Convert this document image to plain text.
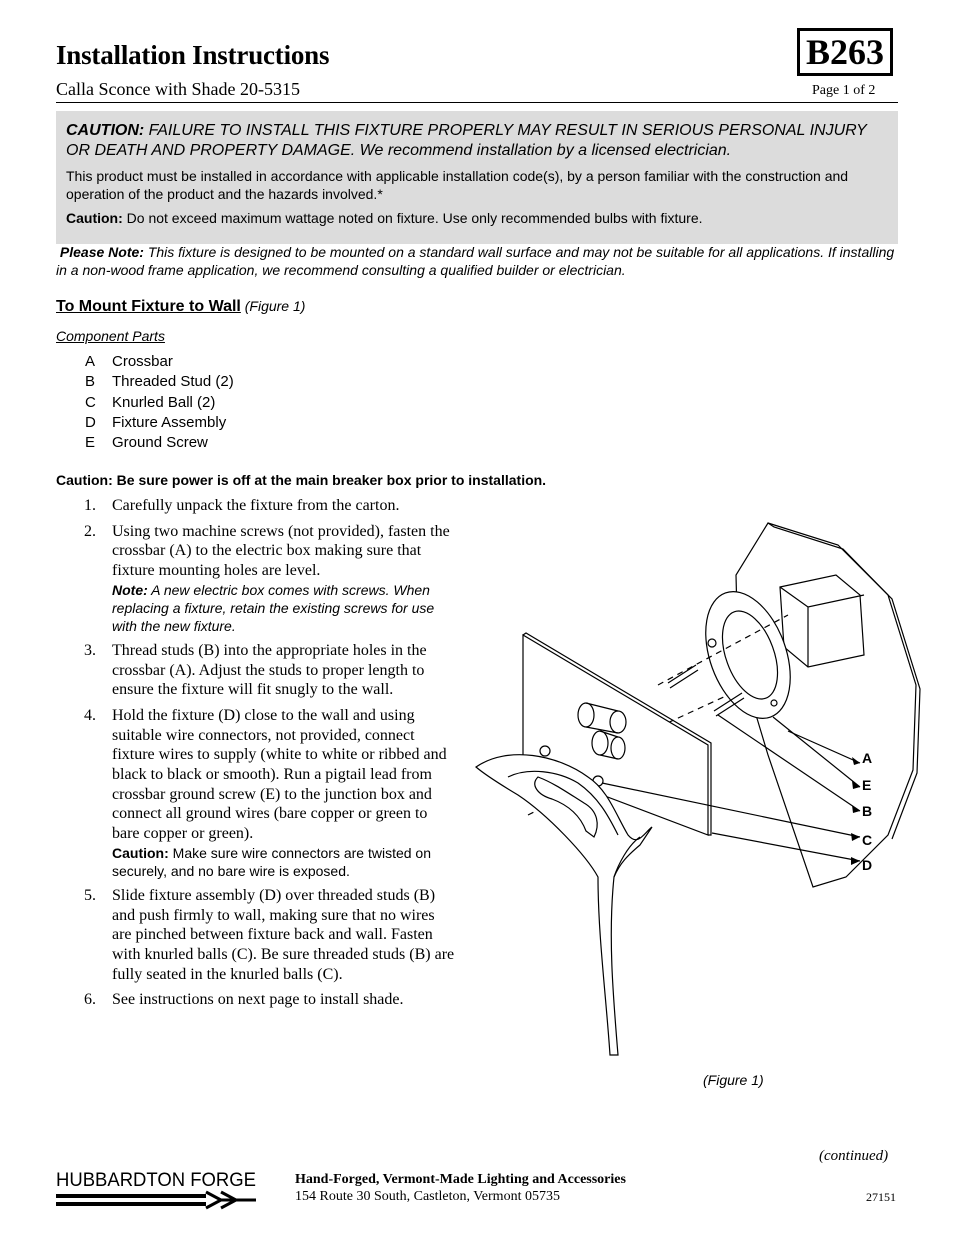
Installation Instructions
Calla Sconce with Shade 20-5315
B263
Page 1 of 2

CAUTION: FAILURE TO INSTALL THIS FIXTURE PROPERLY MAY RESULT IN SERIOUS PERSONAL INJURY OR DEATH AND PROPERTY DAMAGE. We recommend installation by a licensed electrician.

This product must be installed in accordance with applicable installation code(s), by a person familiar with the construction and operation of the product and the hazards involved.*

Caution: Do not exceed maximum wattage noted on fixture. Use only recommended bulbs with fixture.

Please Note: This fixture is designed to be mounted on a standard wall surface and may not be suitable for all applications. If installing in a non-wood frame application, we recommend consulting a qualified builder or electrician.
To Mount Fixture to Wall (Figure 1)
Component Parts
A Crossbar
B Threaded Stud (2)
C Knurled Ball (2)
D Fixture Assembly
E Ground Screw
Caution: Be sure power is off at the main breaker box prior to installation.
1. Carefully unpack the fixture from the carton.
2. Using two machine screws (not provided), fasten the crossbar (A) to the electric box making sure that fixture mounting holes are level.
Note: A new electric box comes with screws. When replacing a fixture, retain the existing screws for use with the new fixture.
3. Thread studs (B) into the appropriate holes in the crossbar (A). Adjust the studs to proper length to ensure the fixture will fit snugly to the wall.
4. Hold the fixture (D) close to the wall and using suitable wire connectors, not provided, connect fixture wires to supply (white to white or ribbed and black to black or smooth). Run a pigtail lead from crossbar ground screw (E) to the junction box and connect all ground wires (bare copper or green to bare copper or green).
Caution: Make sure wire connectors are twisted on securely, and no bare wire is exposed.
5. Slide fixture assembly (D) over threaded studs (B) and push firmly to wall, making sure that no wires are pinched between fixture back and wall. Fasten with knurled balls (C). Be sure threaded studs (B) are fully seated in the knurled balls (C).
6. See instructions on next page to install shade.
A
E
B
C
D
(Figure 1)
(continued)
HUBBARDTON FORGE	Hand-Forged, Vermont-Made Lighting and Accessories
154 Route 30 South, Castleton, Vermont 05735	27151
